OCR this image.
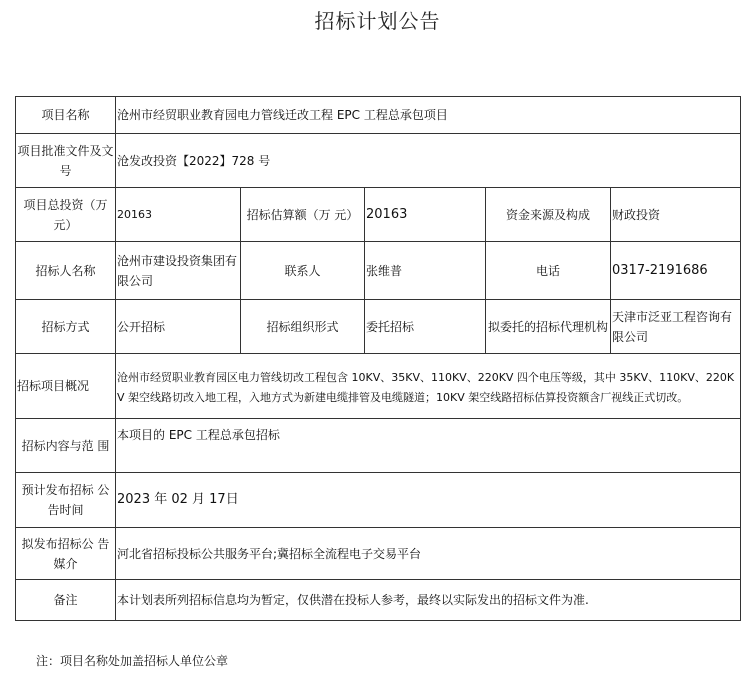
招标计划公告
项目名称	沧州市经贸职业教育园电力管线迁改工程 EPC 工程总承包项目				
项目批准文件及文号	沧发改投资【2022】728 号				
项目总投资（万元）	20163	招标估算额（万 元）	20163	资金来源及构成	财政投资
招标人名称	沧州市建设投资集团有限公司	联系人	张维普	电话	0317-2191686
招标方式	公开招标	招标组织形式	委托招标	拟委托的招标代理机构	天津市泛亚工程咨询有限公司
招标项目概况	沧州市经贸职业教育园区电力管线切改工程包含 10KV、35KV、110KV、220KV 四个电压等级，其中 35KV、110KV、220KV 架空线路切改入地工程，入地方式为新建电缆排管及电缆隧道；10KV 架空线路招标估算投资额含厂视线正式切改。				
招标内容与范 围	本项目的 EPC 工程总承包招标				
预计发布招标 公告时间	2023 年 02 月 17日				
拟发布招标公 告媒介	河北省招标投标公共服务平台;冀招标全流程电子交易平台				
备注	本计划表所列招标信息均为暂定，仅供潜在投标人参考，最终以实际发出的招标文件为准.				
注：项目名称处加盖招标人单位公章
